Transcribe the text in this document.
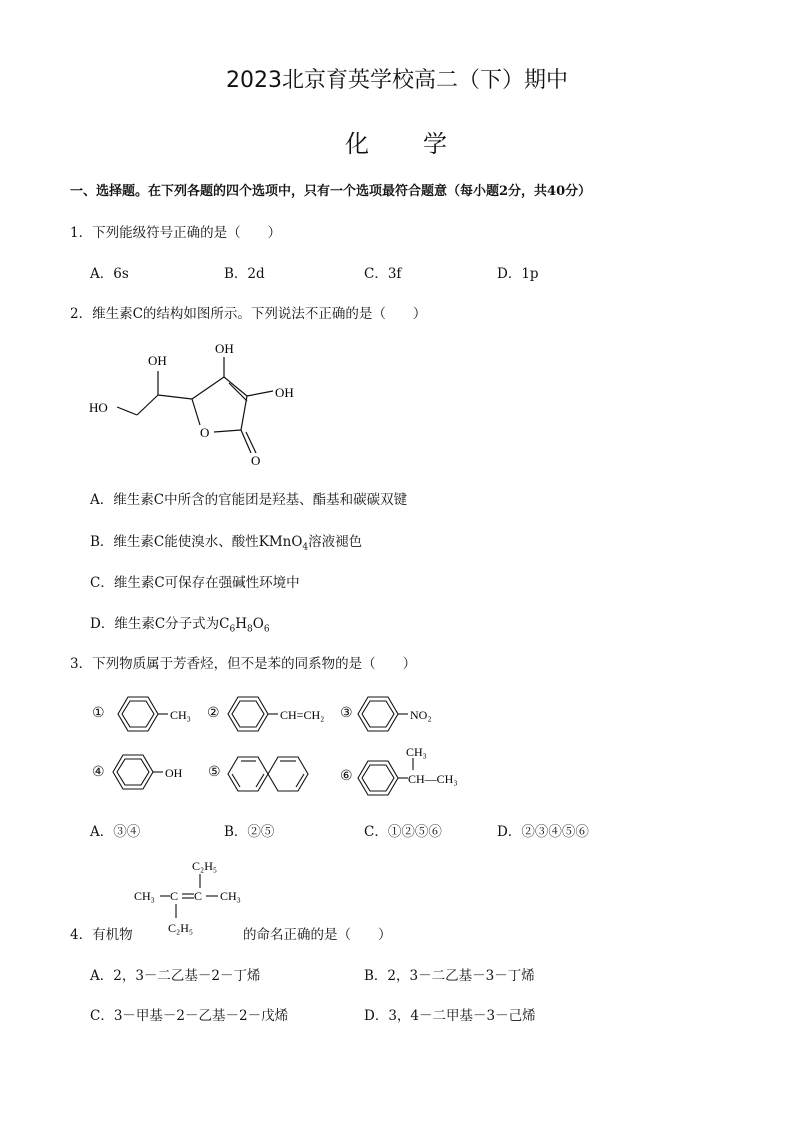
2023北京育英学校高二（下）期中
化 学
一、选择题。在下列各题的四个选项中，只有一个选项最符合题意（每小题2分，共40分）
1．下列能级符号正确的是（　　）
A．6s	B．2d	C．3f	D．1p
2．维生素C的结构如图所示。下列说法不正确的是（　　）
OH
OH
OH
HO
O
O
A．维生素C中所含的官能团是羟基、酯基和碳碳双键
B．维生素C能使溴水、酸性KMnO$_4$溶液褪色
C．维生素C可保存在强碱性环境中
D．维生素C分子式为$C_6H_8O_6$
3．下列物质属于芳香烃，但不是苯的同系物的是（　　）
CH₃	CH=CH₂	NO₂
OH
CH₃
CH—CH₃
①	②	③
④	⑤	⑥
A．③④	B．②⑤	C．①②⑤⑥	D．②③④⑤⑥
CH₃ C C CH₃
C₂H₅
C₂H₅
4．有机物	的命名正确的是（　　）
A．2，3－二乙基－2－丁烯	B．2，3－二乙基－3－丁烯
C．3－甲基－2－乙基－2－戊烯	D．3，4－二甲基－3－己烯
